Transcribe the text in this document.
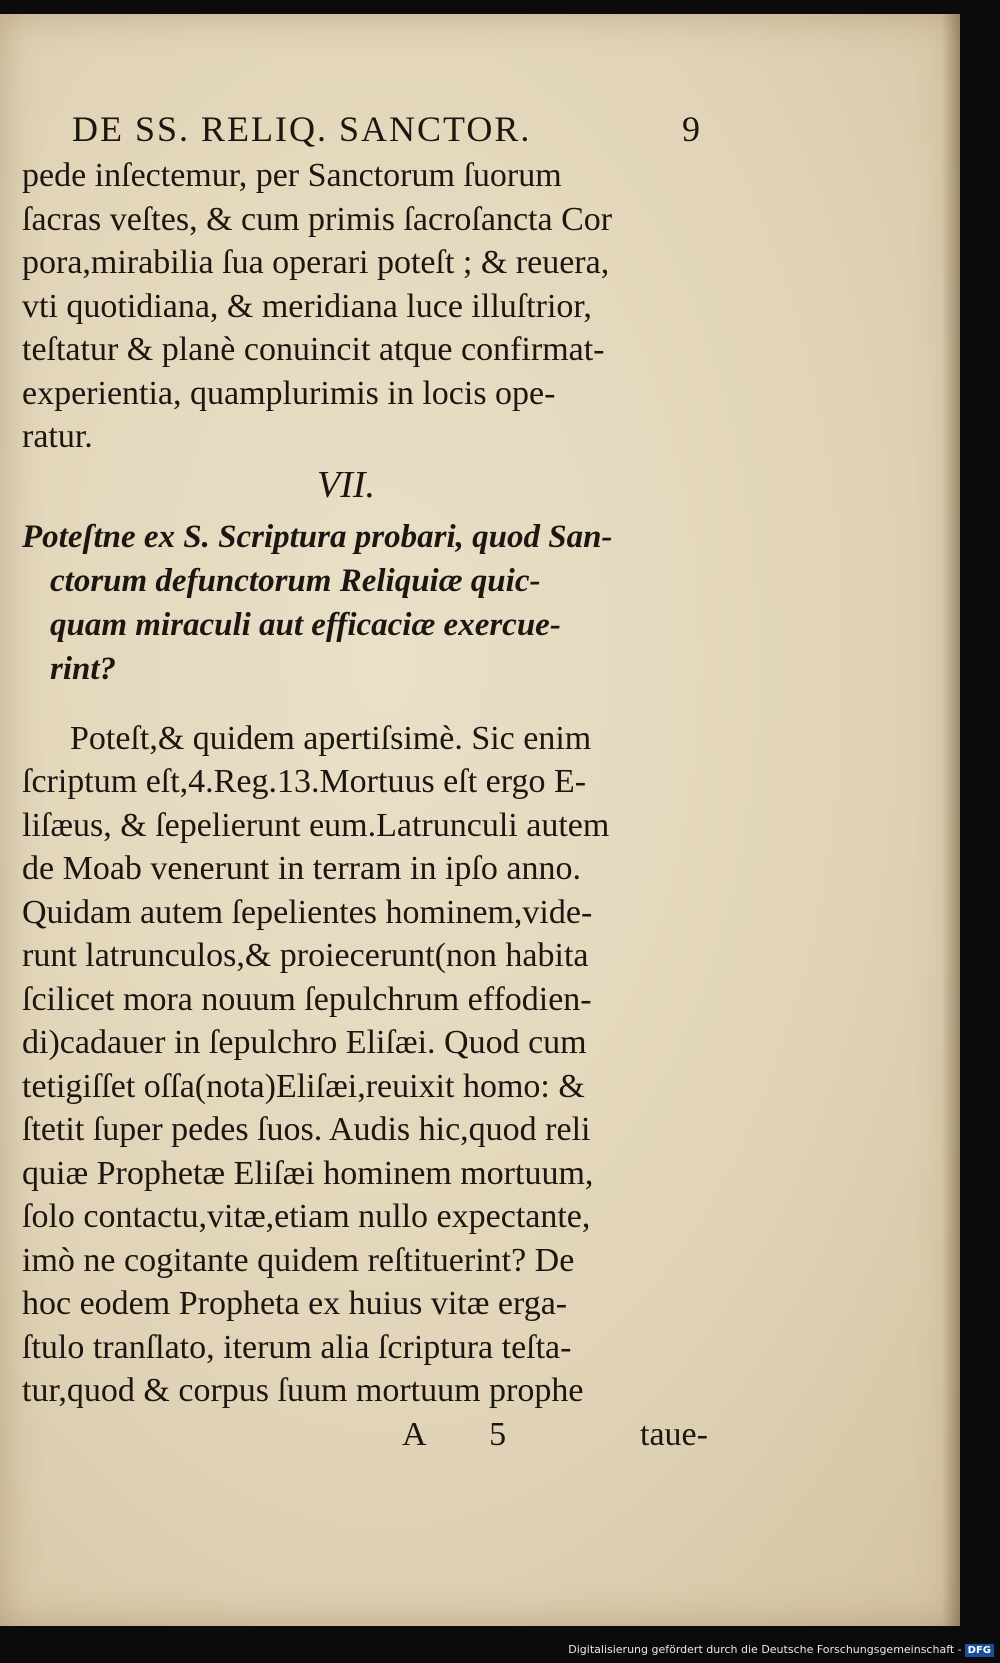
DE SS. RELIQ. SANCTOR.	9
pede inſectemur, per Sanctorum ſuorum
ſacras veſtes, & cum primis ſacroſancta Cor
pora,mirabilia ſua operari poteſt ; & reuera,
vti quotidiana, & meridiana luce illuſtrior,
teſtatur & planè conuincit atque confirmat-
experientia, quamplurimis in locis ope-
ratur.
VII.
Poteſtne ex S. Scriptura probari, quod San-
ctorum defunctorum Reliquiæ quic-
quam miraculi aut efficaciæ exercue-
rint?
Poteſt,& quidem apertiſsimè. Sic enim
ſcriptum eſt,4.Reg.13.Mortuus eſt ergo E-
liſæus, & ſepelierunt eum.Latrunculi autem
de Moab venerunt in terram in ipſo anno.
Quidam autem ſepelientes hominem,vide-
runt latrunculos,& proiecerunt(non habita
ſcilicet mora nouum ſepulchrum effodien-
di)cadauer in ſepulchro Eliſæi. Quod cum
tetigiſſet oſſa(nota)Eliſæi,reuixit homo: &
ſtetit ſuper pedes ſuos. Audis hic,quod reli
quiæ Prophetæ Eliſæi hominem mortuum,
ſolo contactu,vitæ,etiam nullo expectante,
imò ne cogitante quidem reſtituerint? De
hoc eodem Propheta ex huius vitæ erga-
ſtulo tranſlato, iterum alia ſcriptura teſta-
tur,quod & corpus ſuum mortuum prophe
A 5	taue-
Digitalisierung gefördert durch die Deutsche Forschungsgemeinschaft - DFG
